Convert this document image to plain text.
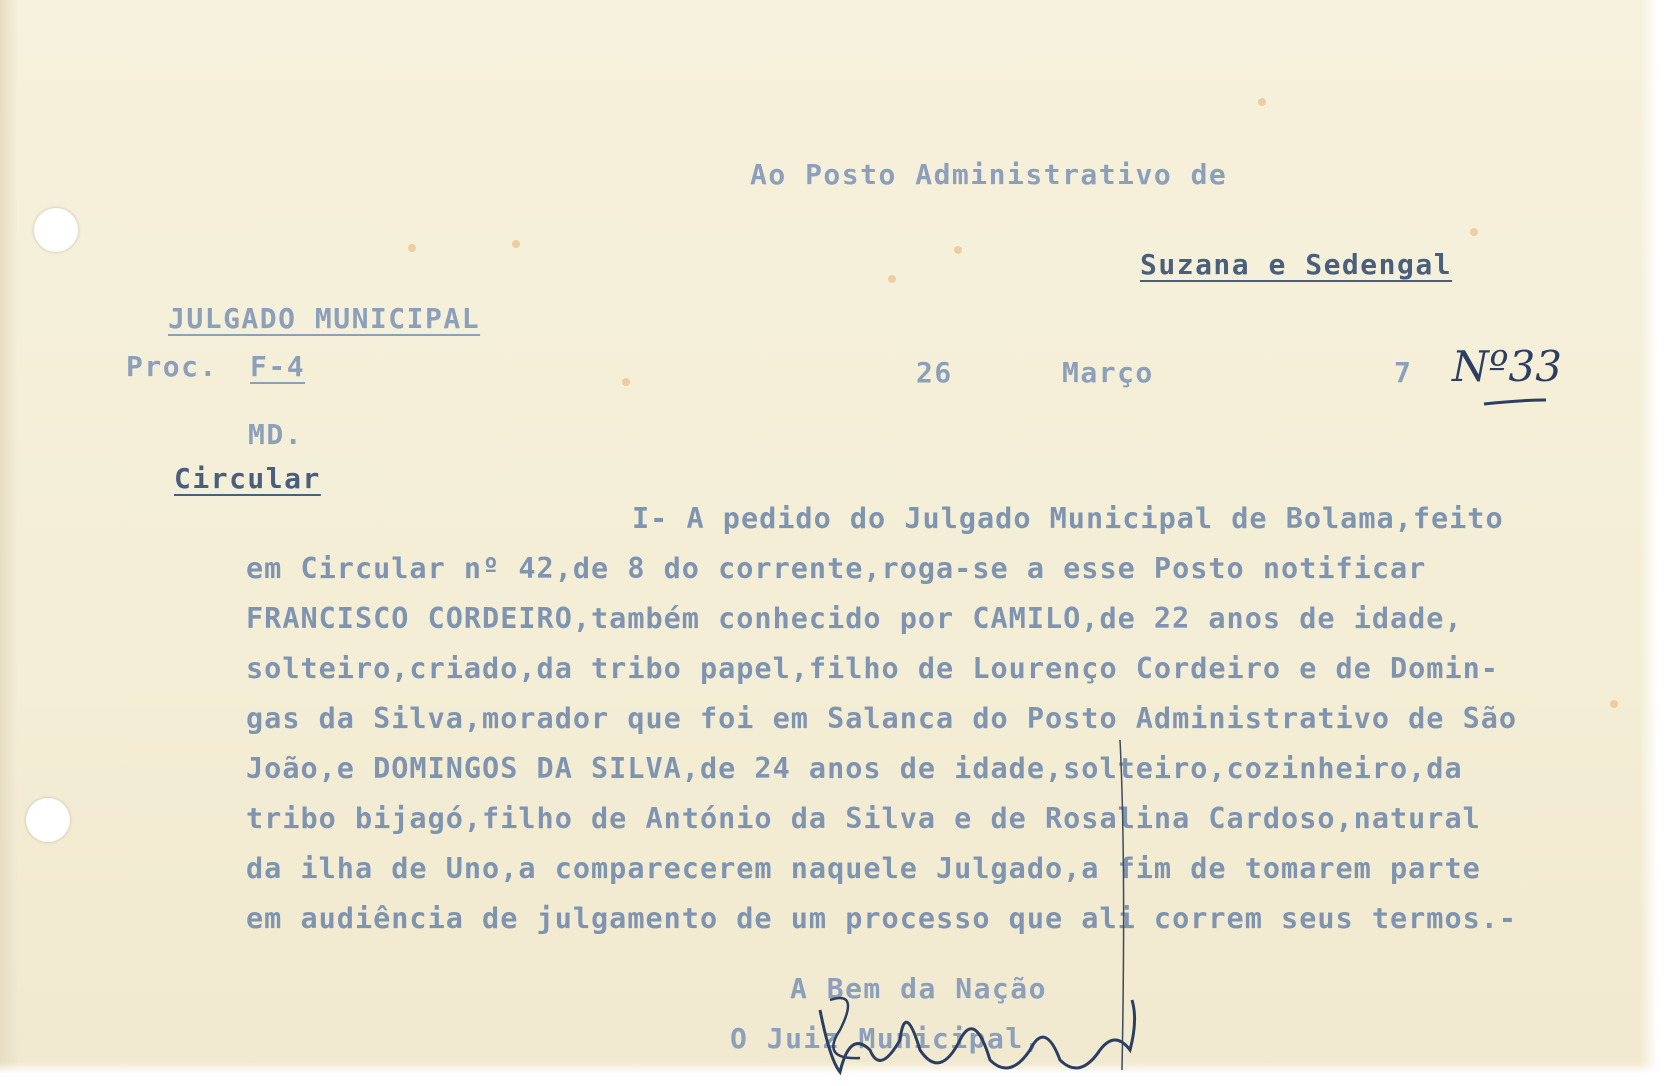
Ao Posto Administrativo de
Suzana e Sedengal
JULGADO MUNICIPAL
Proc. F-4
MD.
Circular
26	Março	7 Nº33
I- A pedido do Julgado Municipal de Bolama,feito
em Circular nº 42,de 8 do corrente,roga-se a esse Posto notificar
FRANCISCO CORDEIRO,também conhecido por CAMILO,de 22 anos de idade,
solteiro,criado,da tribo papel,filho de Lourenço Cordeiro e de Domin-
gas da Silva,morador que foi em Salanca do Posto Administrativo de São
João,e DOMINGOS DA SILVA,de 24 anos de idade,solteiro,cozinheiro,da
tribo bijagó,filho de António da Silva e de Rosalina Cardoso,natural
da ilha de Uno,a comparecerem naquele Julgado,a fim de tomarem parte
em audiência de julgamento de um processo que ali correm seus termos.-
A Bem da Nação
O Juiz Municipal,
